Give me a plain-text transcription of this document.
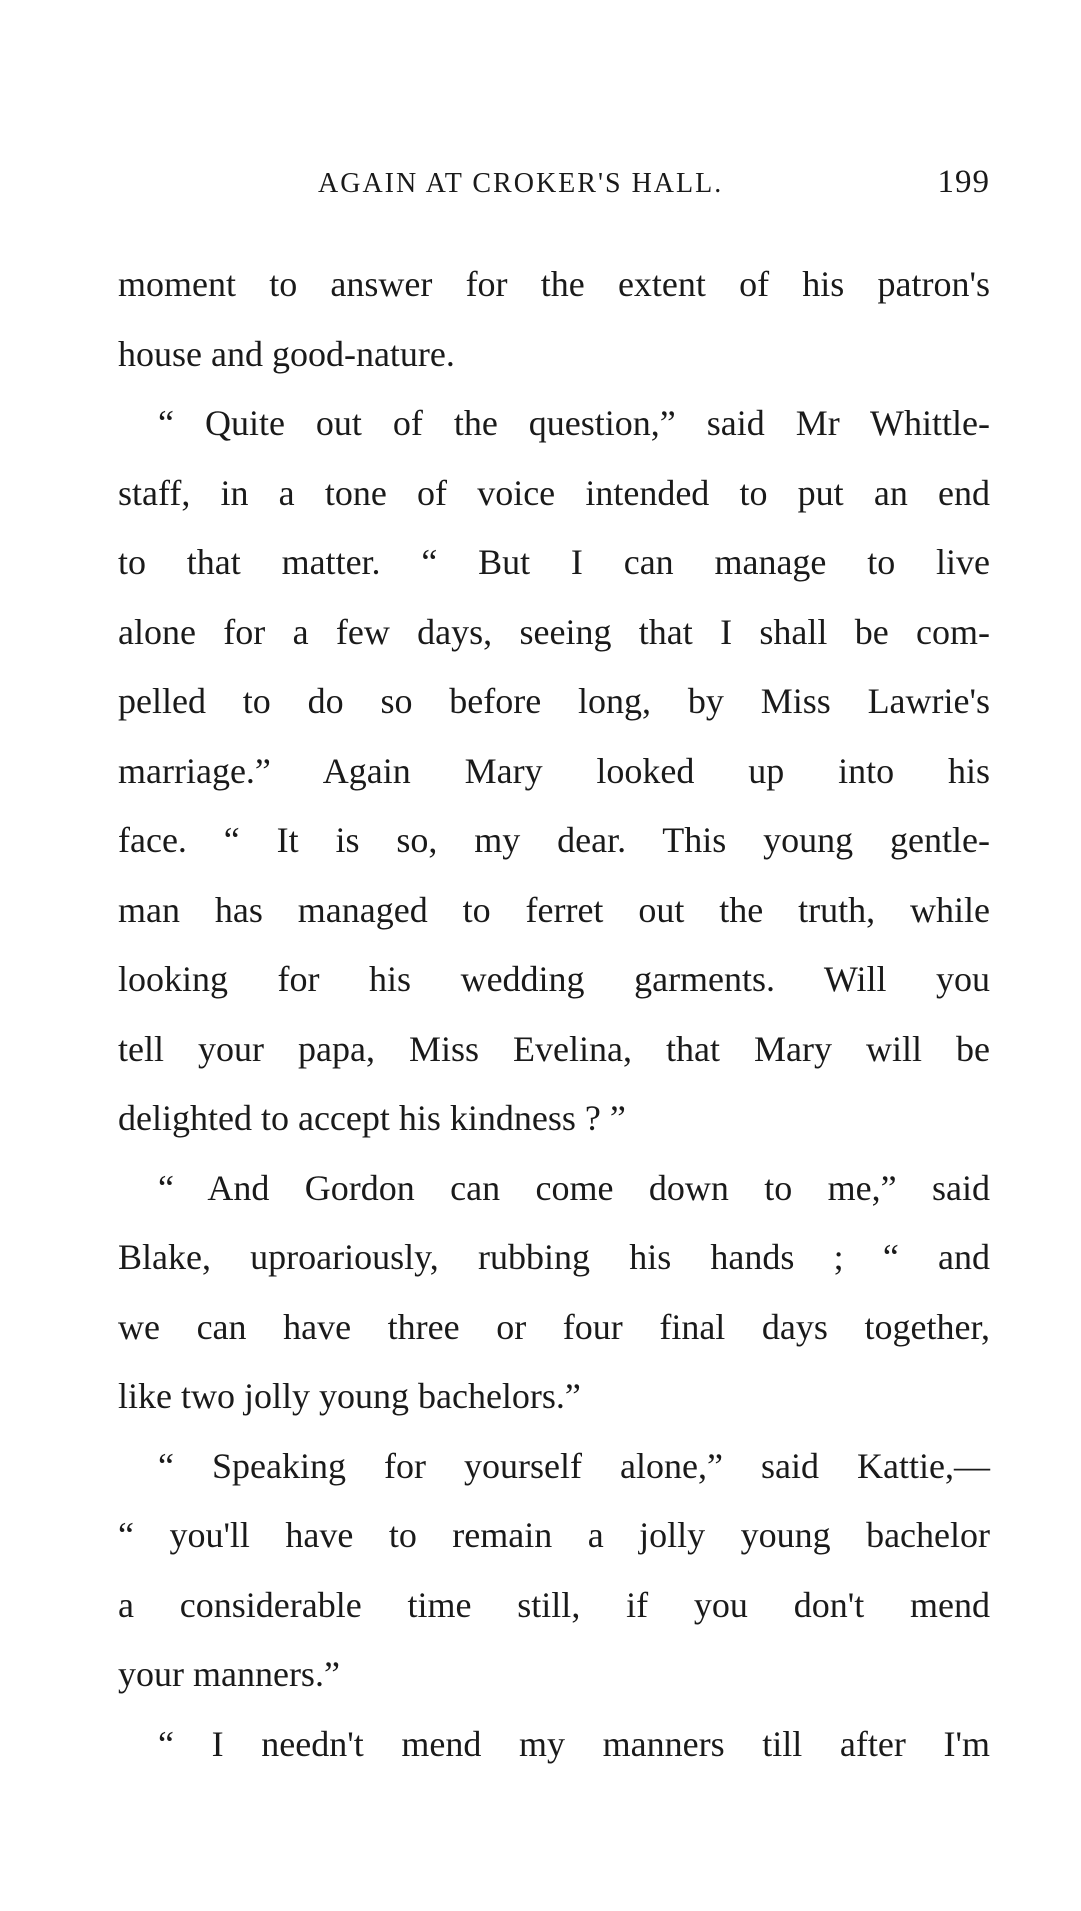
AGAIN AT CROKER'S HALL.	199
moment to answer for the extent of his patron's
house and good-nature.
“ Quite out of the question,” said Mr Whittle-
staff, in a tone of voice intended to put an end
to that matter. “ But I can manage to live
alone for a few days, seeing that I shall be com-
pelled to do so before long, by Miss Lawrie's
marriage.” Again Mary looked up into his
face. “ It is so, my dear. This young gentle-
man has managed to ferret out the truth, while
looking for his wedding garments. Will you
tell your papa, Miss Evelina, that Mary will be
delighted to accept his kindness ? ”
“ And Gordon can come down to me,” said
Blake, uproariously, rubbing his hands ; “ and
we can have three or four final days together,
like two jolly young bachelors.”
“ Speaking for yourself alone,” said Kattie,—
“ you'll have to remain a jolly young bachelor
a considerable time still, if you don't mend
your manners.”
“ I needn't mend my manners till after I'm
